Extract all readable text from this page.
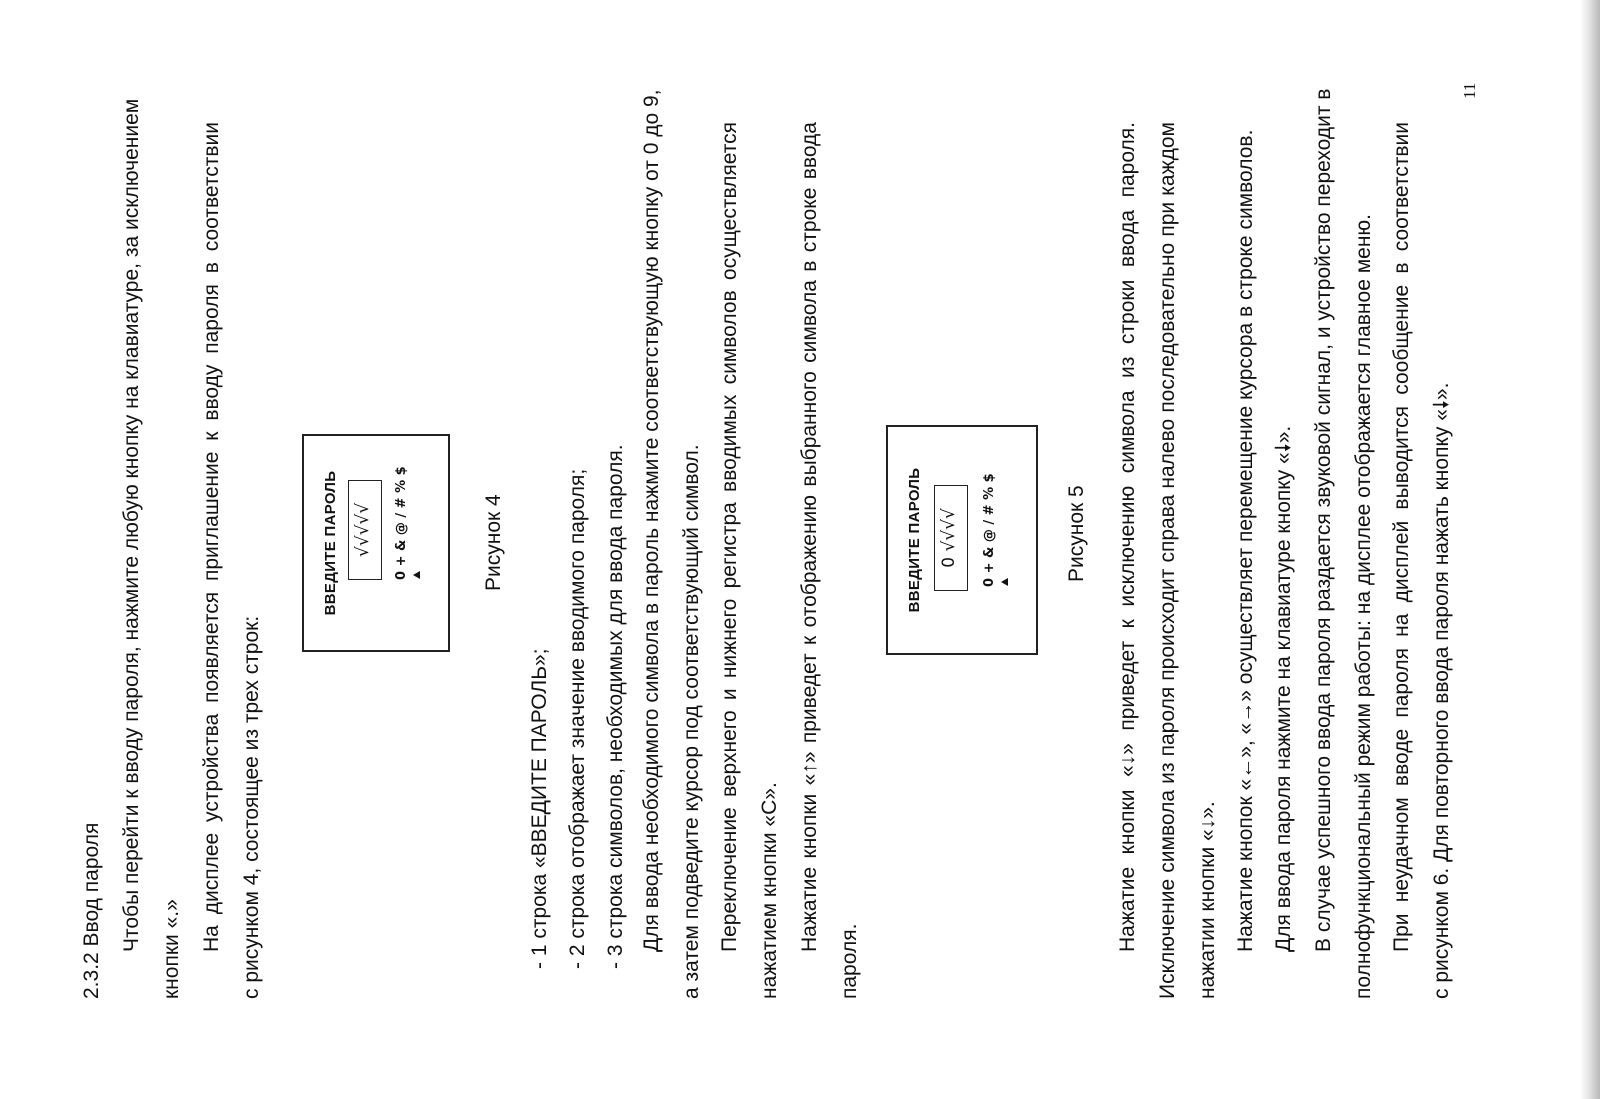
2.3.2 Ввод пароля Чтобы перейти к вводу пароля, нажмите любую кнопку на клавиатуре, за исключением кнопки «.» На дисплее устройства появляется приглашение к вводу пароля в соответствии с рисунком 4, состоящее из трех строк:
ВВЕДИТЕ ПАРОЛЬ √√√√√	0 + & @ / # % $	Рисунок 4
- 1 строка «ВВЕДИТЕ ПАРОЛЬ»; - 2 строка отображает значение вводимого пароля; - 3 строка символов, необходимых для ввода пароля. Для ввода необходимого символа в пароль нажмите соответствующую кнопку от 0 до 9, а затем подведите курсор под соответствующий символ. Переключение верхнего и нижнего регистра вводимых символов осуществляется нажатием кнопки «С». Нажатие кнопки «↑» приведет к отображению выбранного символа в строке ввода
пароля.
ВВЕДИТЕ ПАРОЛЬ 0 √√√√	0 + & @ / # % $	Рисунок 5 Нажатие кнопки «↓» приведет к исключению символа из строки ввода пароля. Исключение символа из пароля происходит справа налево последовательно при каждом нажатии кнопки «↓». Нажатие кнопок «←», «→» осуществляет перемещение курсора в строке символов. Для ввода пароля нажмите на клавиатуре кнопку «🠗». В случае успешного ввода пароля раздается звуковой сигнал, и устройство переходит в полнофункциональный режим работы: на дисплее отображается главное меню. При неудачном вводе пароля на дисплей выводится сообщение в соответствии с рисунком 6. Для повторного ввода пароля нажать кнопку «🠗».
11
